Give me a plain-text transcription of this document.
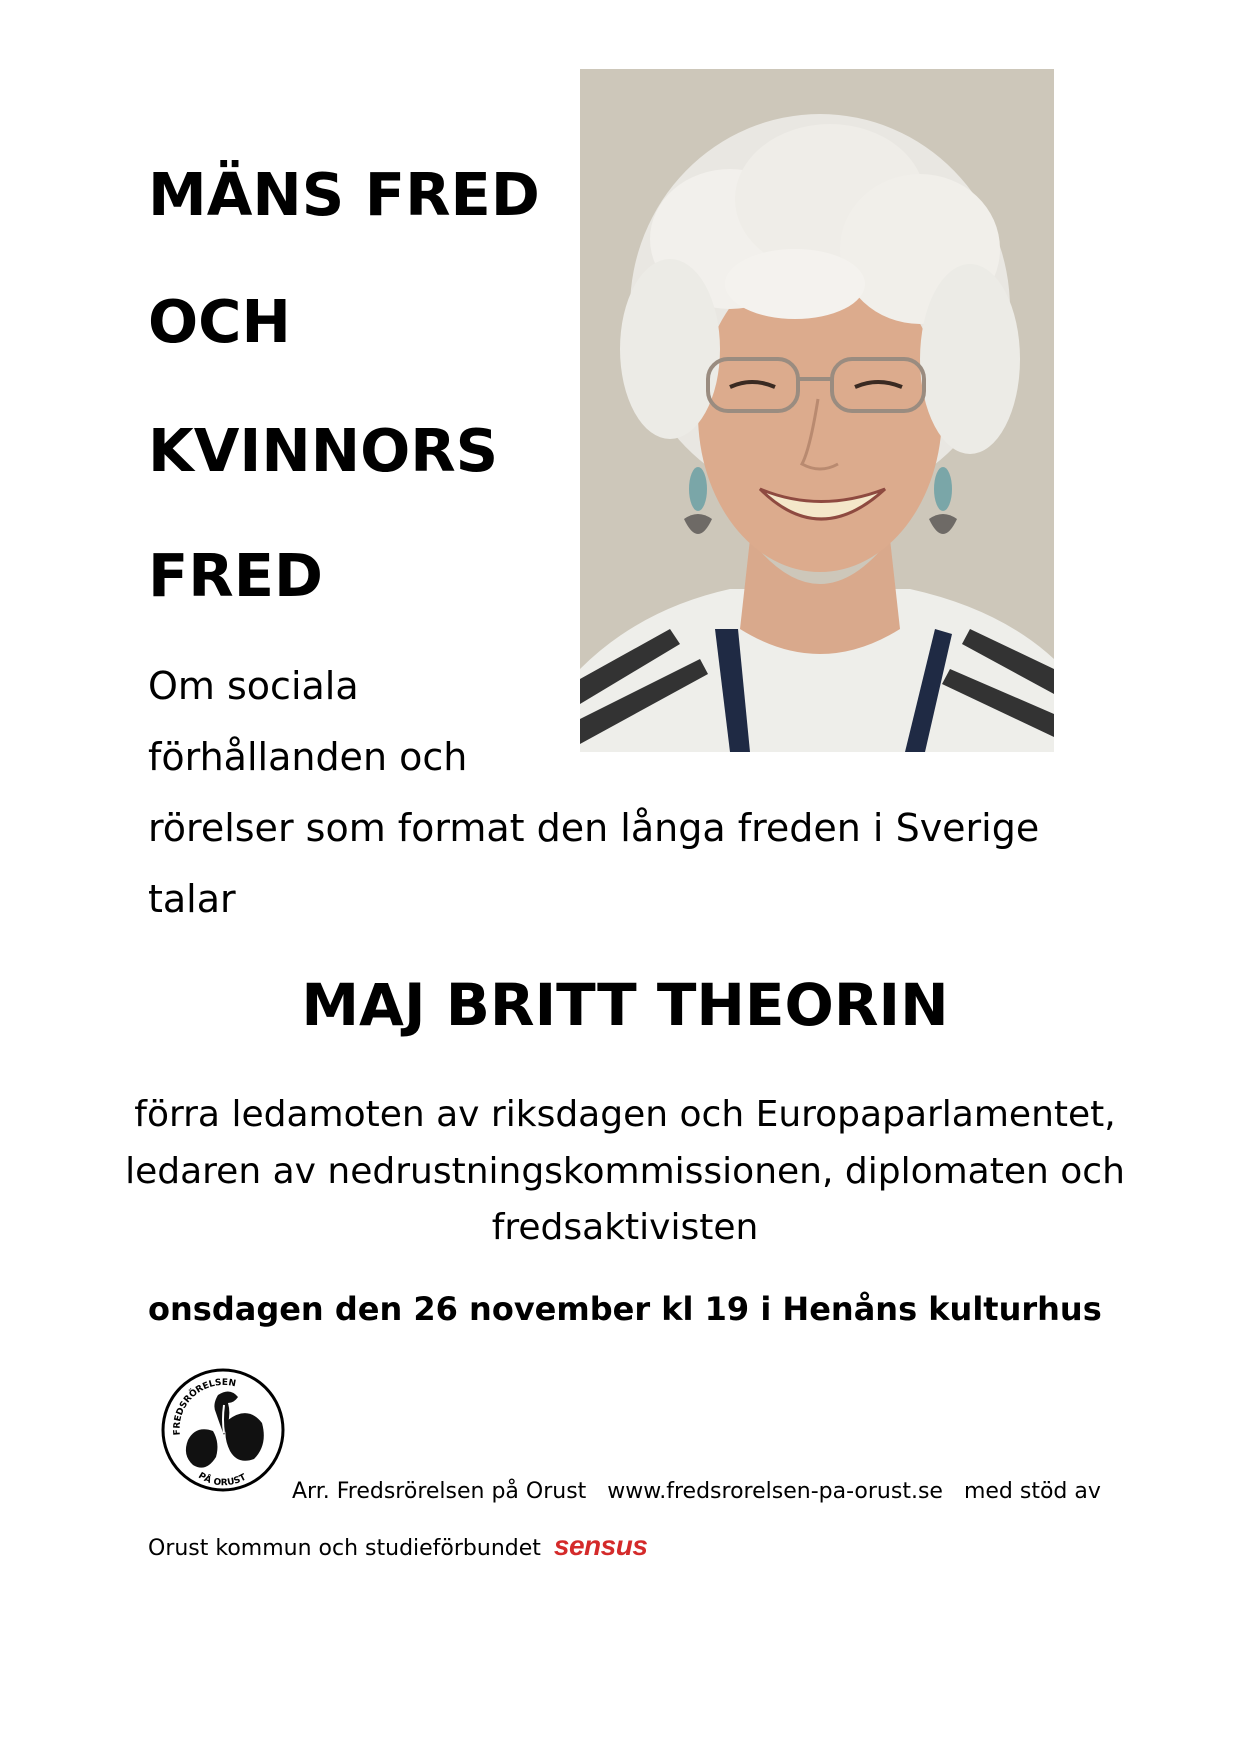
MÄNS FRED
OCH
KVINNORS
FRED
Om sociala
förhållanden och
rörelser som format den långa freden i Sverige
talar
MAJ BRITT THEORIN
förra ledamoten av riksdagen och Europaparlamentet,
ledaren av nedrustningskommissionen, diplomaten och
fredsaktivisten
onsdagen den 26 november kl 19 i Henåns kulturhus
FREDSRÖRELSEN
PÅ ORUST
Arr. Fredsrörelsen på Orust www.fredsrorelsen-pa-orust.se med stöd av
Orust kommun och studieförbundet sensus
